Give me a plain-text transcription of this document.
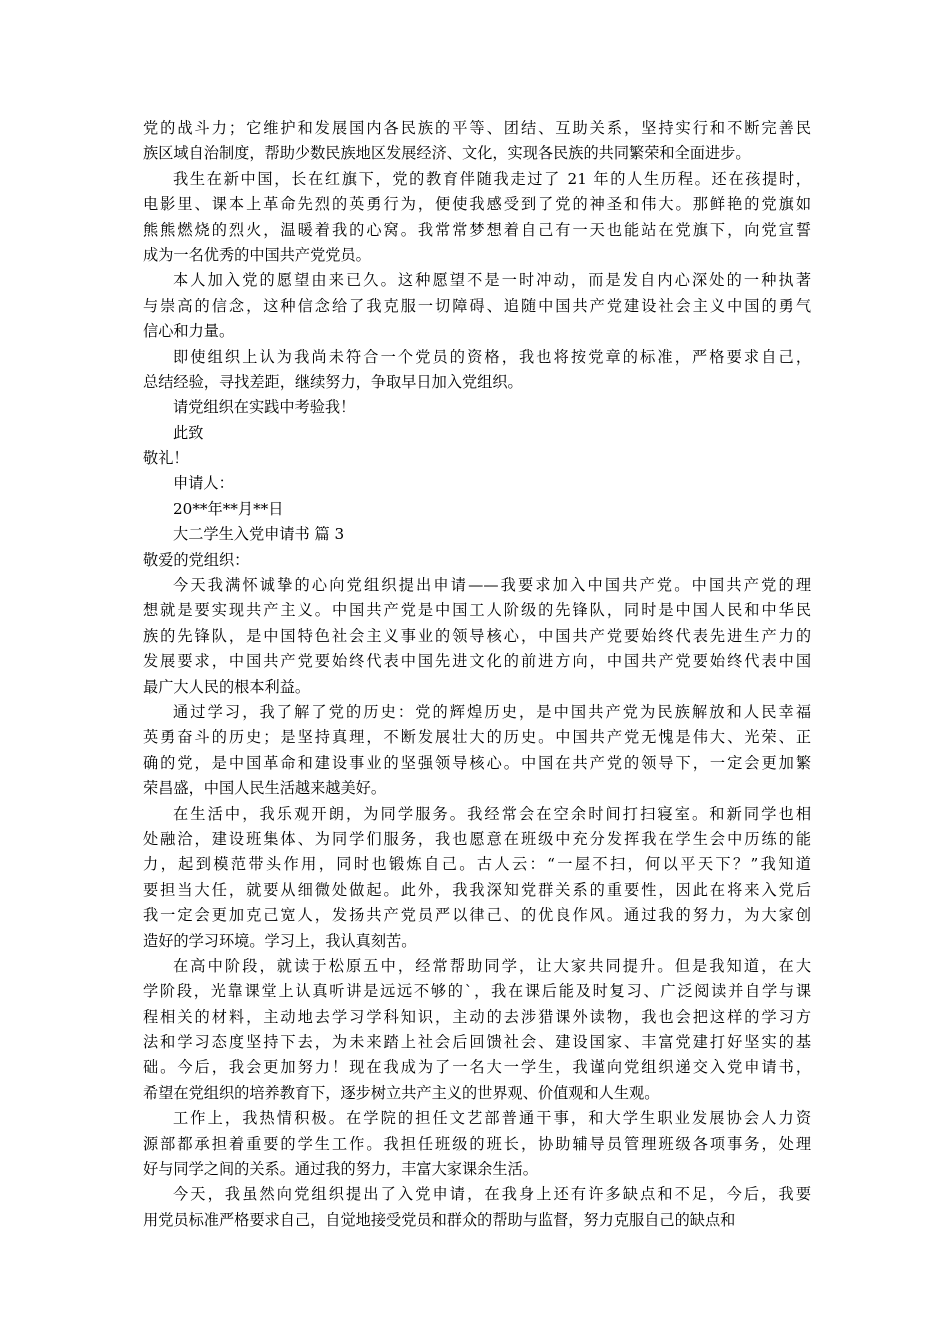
党的战斗力；它维护和发展国内各民族的平等、团结、互助关系，坚持实行和不断完善民
族区域自治制度，帮助少数民族地区发展经济、文化，实现各民族的共同繁荣和全面进步。
我生在新中国，长在红旗下，党的教育伴随我走过了 21 年的人生历程。还在孩提时，
电影里、课本上革命先烈的英勇行为，便使我感受到了党的神圣和伟大。那鲜艳的党旗如
熊熊燃烧的烈火，温暖着我的心窝。我常常梦想着自己有一天也能站在党旗下，向党宣誓
成为一名优秀的中国共产党党员。
本人加入党的愿望由来已久。这种愿望不是一时冲动，而是发自内心深处的一种执著
与崇高的信念，这种信念给了我克服一切障碍、追随中国共产党建设社会主义中国的勇气
信心和力量。
即使组织上认为我尚未符合一个党员的资格，我也将按党章的标准，严格要求自己，
总结经验，寻找差距，继续努力，争取早日加入党组织。
请党组织在实践中考验我！
此致
敬礼！
申请人：
20**年**月**日
大二学生入党申请书 篇 3
敬爱的党组织：
今天我满怀诚挚的心向党组织提出申请——我要求加入中国共产党。中国共产党的理
想就是要实现共产主义。中国共产党是中国工人阶级的先锋队，同时是中国人民和中华民
族的先锋队，是中国特色社会主义事业的领导核心，中国共产党要始终代表先进生产力的
发展要求，中国共产党要始终代表中国先进文化的前进方向，中国共产党要始终代表中国
最广大人民的根本利益。
通过学习，我了解了党的历史：党的辉煌历史，是中国共产党为民族解放和人民幸福
英勇奋斗的历史；是坚持真理，不断发展壮大的历史。中国共产党无愧是伟大、光荣、正
确的党，是中国革命和建设事业的坚强领导核心。中国在共产党的领导下，一定会更加繁
荣昌盛，中国人民生活越来越美好。
在生活中，我乐观开朗，为同学服务。我经常会在空余时间打扫寝室。和新同学也相
处融洽，建设班集体、为同学们服务，我也愿意在班级中充分发挥我在学生会中历练的能
力，起到模范带头作用，同时也锻炼自己。古人云：“一屋不扫，何以平天下？”我知道
要担当大任，就要从细微处做起。此外，我我深知党群关系的重要性，因此在将来入党后
我一定会更加克己宽人，发扬共产党员严以律己、的优良作风。通过我的努力，为大家创
造好的学习环境。学习上，我认真刻苦。
在高中阶段，就读于松原五中，经常帮助同学，让大家共同提升。但是我知道，在大
学阶段，光靠课堂上认真听讲是远远不够的`，我在课后能及时复习、广泛阅读并自学与课
程相关的材料，主动地去学习学科知识，主动的去涉猎课外读物，我也会把这样的学习方
法和学习态度坚持下去，为未来踏上社会后回馈社会、建设国家、丰富党建打好坚实的基
础。今后，我会更加努力！现在我成为了一名大一学生，我谨向党组织递交入党申请书，
希望在党组织的培养教育下，逐步树立共产主义的世界观、价值观和人生观。
工作上，我热情积极。在学院的担任文艺部普通干事，和大学生职业发展协会人力资
源部都承担着重要的学生工作。我担任班级的班长，协助辅导员管理班级各项事务，处理
好与同学之间的关系。通过我的努力，丰富大家课余生活。
今天，我虽然向党组织提出了入党申请，在我身上还有许多缺点和不足，今后，我要
用党员标准严格要求自己，自觉地接受党员和群众的帮助与监督，努力克服自己的缺点和
